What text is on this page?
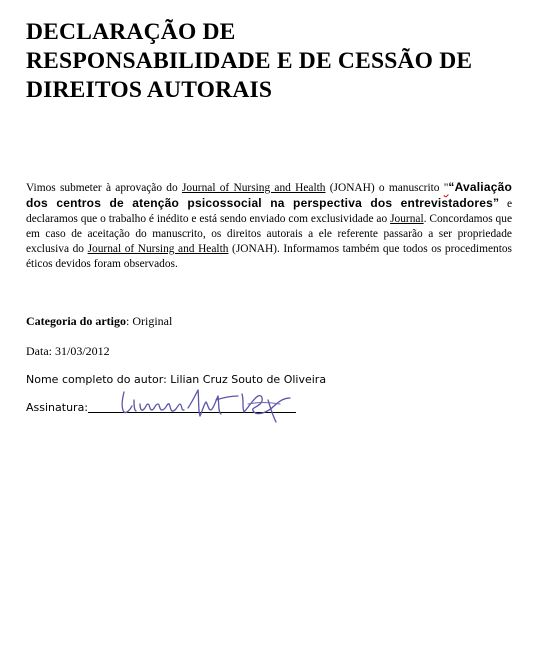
DECLARAÇÃO DE
RESPONSABILIDADE E DE CESSÃO DE
DIREITOS AUTORAIS

Vimos submeter à aprovação do Journal of Nursing and Health (JONAH) o manuscrito "“Avaliação dos centros de atenção psicossocial na perspectiva dos entrevistadores” e declaramos que o trabalho é inédito e está sendo enviado com exclusividade ao Journal. Concordamos que em caso de aceitação do manuscrito, os direitos autorais a ele referente passarão a ser propriedade exclusiva do Journal of Nursing and Health (JONAH). Informamos também que todos os procedimentos éticos devidos foram observados.

Categoria do artigo: Original

Data: 31/03/2012

Nome completo do autor: Lilian Cruz Souto de Oliveira

Assinatura:
